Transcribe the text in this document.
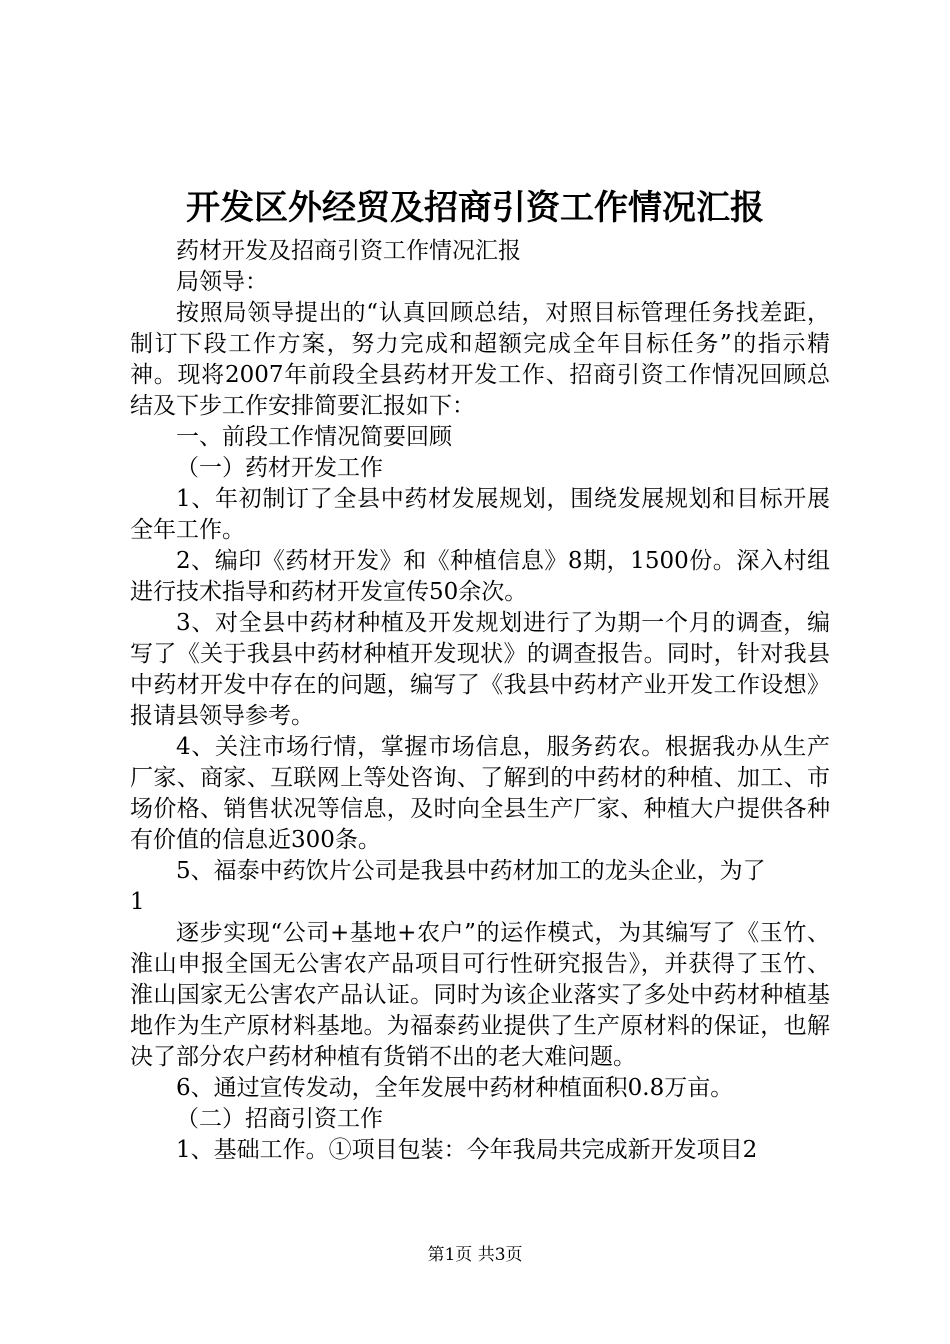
开发区外经贸及招商引资工作情况汇报

药材开发及招商引资工作情况汇报

局领导：

按照局领导提出的“认真回顾总结，对照目标管理任务找差距，制订下段工作方案，努力完成和超额完成全年目标任务”的指示精神。现将2007年前段全县药材开发工作、招商引资工作情况回顾总结及下步工作安排简要汇报如下：

一、前段工作情况简要回顾

（一）药材开发工作

1、年初制订了全县中药材发展规划，围绕发展规划和目标开展全年工作。

2、编印《药材开发》和《种植信息》8期，1500份。深入村组进行技术指导和药材开发宣传50余次。

3、对全县中药材种植及开发规划进行了为期一个月的调查，编写了《关于我县中药材种植开发现状》的调查报告。同时，针对我县中药材开发中存在的问题，编写了《我县中药材产业开发工作设想》报请县领导参考。

4、关注市场行情，掌握市场信息，服务药农。根据我办从生产厂家、商家、互联网上等处咨询、了解到的中药材的种植、加工、市场价格、销售状况等信息，及时向全县生产厂家、种植大户提供各种有价值的信息近300条。

5、福泰中药饮片公司是我县中药材加工的龙头企业，为了

1

逐步实现“公司+基地+农户”的运作模式，为其编写了《玉竹、淮山申报全国无公害农产品项目可行性研究报告》，并获得了玉竹、淮山国家无公害农产品认证。同时为该企业落实了多处中药材种植基地作为生产原材料基地。为福泰药业提供了生产原材料的保证，也解决了部分农户药材种植有货销不出的老大难问题。

6、通过宣传发动，全年发展中药材种植面积0.8万亩。

（二）招商引资工作

1、基础工作。①项目包装：今年我局共完成新开发项目2

第1页 共3页
